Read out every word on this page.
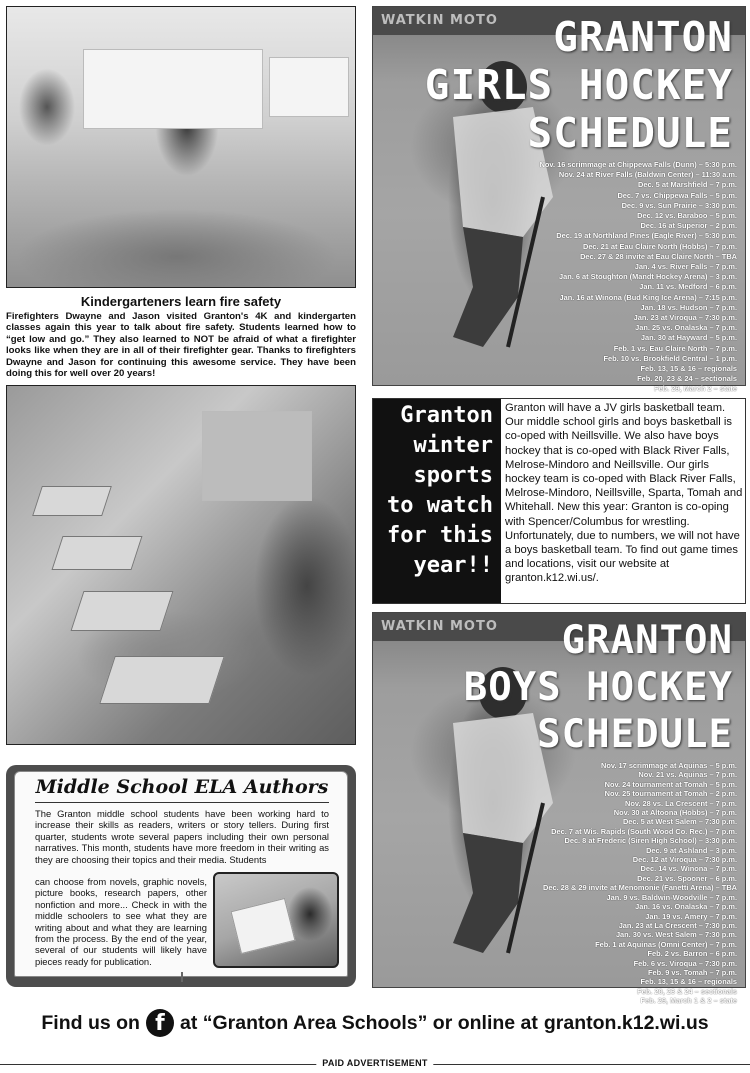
Kindergarteners learn fire safety

Firefighters Dwayne and Jason visited Granton's 4K and kindergarten classes again this year to talk about fire safety. Students learned how to “get low and go.” They also learned to NOT be afraid of what a firefighter looks like when they are in all of their firefighter gear. Thanks to firefighters Dwayne and Jason for continuing this awesome service. They have been doing this for well over 20 years!

WATKIN MOTO	GRANTON
GIRLS HOCKEY
SCHEDULE
Nov. 16 scrimmage at Chippewa Falls (Dunn) – 5:30 p.m.
Nov. 24 at River Falls (Baldwin Center) – 11:30 a.m.
Dec. 5 at Marshfield – 7 p.m.
Dec. 7 vs. Chippewa Falls – 5 p.m.
Dec. 9 vs. Sun Prairie – 3:30 p.m.
Dec. 12 vs. Baraboo – 5 p.m.
Dec. 16 at Superior – 2 p.m.
Dec. 19 at Northland Pines (Eagle River) – 5:30 p.m.
Dec. 21 at Eau Claire North (Hobbs) – 7 p.m.
Dec. 27 & 28 invite at Eau Claire North – TBA
Jan. 4 vs. River Falls – 7 p.m.
Jan. 6 at Stoughton (Mandt Hockey Arena) – 3 p.m.
Jan. 11 vs. Medford – 6 p.m.
Jan. 16 at Winona (Bud King Ice Arena) – 7:15 p.m.
Jan. 18 vs. Hudson – 7 p.m.
Jan. 23 at Viroqua – 7:30 p.m.
Jan. 25 vs. Onalaska – 7 p.m.
Jan. 30 at Hayward – 5 p.m.
Feb. 1 vs. Eau Claire North – 7 p.m.
Feb. 10 vs. Brookfield Central – 1 p.m.
Feb. 13, 15 & 16 – regionals
Feb. 20, 23 & 24 – sectionals
Feb. 29, March 2 – state
Granton
winter
sports
to watch
for this
year!!
Granton will have a JV girls basketball team. Our middle school girls and boys basketball is co-oped with Neillsville. We also have boys hockey that is co-oped with Black River Falls, Melrose-Mindoro and Neillsville. Our girls hockey team is co-oped with Black River Falls, Melrose-Mindoro, Neillsville, Sparta, Tomah and Whitehall. New this year: Granton is co-oping with Spencer/Columbus for wrestling. Unfortunately, due to numbers, we will not have a boys basketball team. To find out game times and locations, visit our website at granton.k12.wi.us/.
WATKIN MOTO	GRANTON
BOYS HOCKEY
SCHEDULE
Nov. 17 scrimmage at Aquinas – 5 p.m.
Nov. 21 vs. Aquinas – 7 p.m.
Nov. 24 tournament at Tomah – 5 p.m.
Nov. 25 tournament at Tomah – 2 p.m.
Nov. 28 vs. La Crescent – 7 p.m.
Nov. 30 at Altoona (Hobbs) – 7 p.m.
Dec. 5 at West Salem – 7:30 p.m.
Dec. 7 at Wis. Rapids (South Wood Co. Rec.) – 7 p.m.
Dec. 8 at Frederic (Siren High School) – 3:30 p.m.
Dec. 9 at Ashland – 3 p.m.
Dec. 12 at Viroqua – 7:30 p.m.
Dec. 14 vs. Winona – 7 p.m.
Dec. 21 vs. Spooner – 6 p.m.
Dec. 28 & 29 invite at Menomonie (Fanetti Arena) – TBA
Jan. 9 vs. Baldwin-Woodville – 7 p.m.
Jan. 16 vs. Onalaska – 7 p.m.
Jan. 19 vs. Amery – 7 p.m.
Jan. 23 at La Crescent – 7:30 p.m.
Jan. 30 vs. West Salem – 7:30 p.m.
Feb. 1 at Aquinas (Omni Center) – 7 p.m.
Feb. 2 vs. Barron – 6 p.m.
Feb. 6 vs. Viroqua – 7:30 p.m.
Feb. 9 vs. Tomah – 7 p.m.
Feb. 13, 15 & 16 – regionals
Feb. 20, 23 & 24 – sectionals
Feb. 29, March 1 & 2 – state
Middle School ELA Authors

The Granton middle school students have been working hard to increase their skills as readers, writers or story tellers. During first quarter, students wrote several papers including their own personal narratives. This month, students have more freedom in their writing as they are choosing their topics and their media. Students

can choose from novels, graphic novels, picture books, research papers, other nonfiction and more... Check in with the middle schoolers to see what they are writing about and what they are learning from the process. By the end of the year, several of our students will likely have pieces ready for publication.

Find us on f at “Granton Area Schools” or online at granton.k12.wi.us
PAID ADVERTISEMENT
